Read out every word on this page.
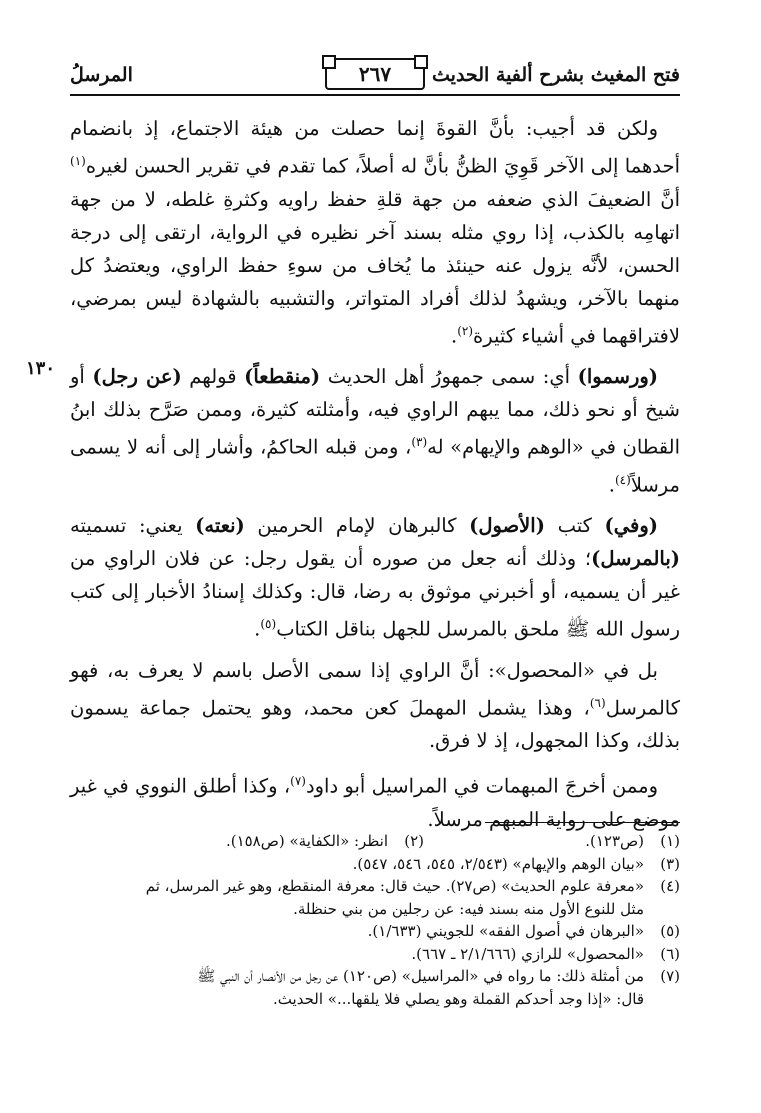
فتح المغيث بشرح ألفية الحديث
٢٦٧
المرسلُ
١٣٠

ولكن قد أجيب: بأنَّ القوةَ إنما حصلت من هيئة الاجتماع، إذ بانضمام أحدهما إلى الآخر قَوِيَ الظنُّ بأنَّ له أصلاً، كما تقدم في تقرير الحسن لغيره$^{(١)}$ أنَّ الضعيفَ الذي ضعفه من جهة قلةِ حفظ راويه وكثرةِ غلطه، لا من جهة اتهامِه بالكذب، إذا روي مثله بسند آخر نظيره في الرواية، ارتقى إلى درجة الحسن، لأنَّه يزول عنه حينئذ ما يُخاف من سوءِ حفظ الراوي، ويعتضدُ كل منهما بالآخر، ويشهدُ لذلك أفراد المتواتر، والتشبيه بالشهادة ليس بمرضي، لافتراقهما في أشياء كثيرة$^{(٢)}$.

(ورسموا) أي: سمى جمهورُ أهل الحديث (منقطعاً) قولهم (عن رجل) أو شيخ أو نحو ذلك، مما يبهم الراوي فيه، وأمثلته كثيرة، وممن صَرَّح بذلك ابنُ القطان في «الوهم والإيهام» له$^{(٣)}$، ومن قبله الحاكمُ، وأشار إلى أنه لا يسمى مرسلاً$^{(٤)}$.

(وفي) كتب (الأصول) كالبرهان لإمام الحرمين (نعته) يعني: تسميته (بالمرسل)؛ وذلك أنه جعل من صوره أن يقول رجل: عن فلان الراوي من غير أن يسميه، أو أخبرني موثوق به رضا، قال: وكذلك إسنادُ الأخبار إلى كتب رسول الله ﷺ ملحق بالمرسل للجهل بناقل الكتاب$^{(٥)}$.

بل في «المحصول»: أنَّ الراوي إذا سمى الأصل باسم لا يعرف به، فهو كالمرسل$^{(٦)}$، وهذا يشمل المهملَ كعن محمد، وهو يحتمل جماعة يسمون بذلك، وكذا المجهول، إذ لا فرق.

وممن أخرجَ المبهمات في المراسيل أبو داود$^{(٧)}$، وكذا أطلق النووي في غير موضع على رواية المبهم مرسلاً.

(١)
(ص١٢٣).
(٢)
انظر: «الكفاية» (ص١٥٨).
(٣)
«بيان الوهم والإيهام» (٢/٥٤٣، ٥٤٥، ٥٤٦، ٥٤٧).
(٤)
«معرفة علوم الحديث» (ص٢٧). حيث قال: معرفة المنقطع، وهو غير المرسل، ثم
مثل للنوع الأول منه بسند فيه: عن رجلين من بني حنظلة.
(٥)
«البرهان في أصول الفقه» للجويني (١/٦٣٣).
(٦)
«المحصول» للرازي (٢/١/٦٦٦ ـ ٦٦٧).
(٧)
من أمثلة ذلك: ما رواه في «المراسيل» (ص١٢٠) عن رجل من الأنصار أن النبي ﷺ
قال: «إذا وجد أحدكم القملة وهو يصلي فلا يلقها...» الحديث.
